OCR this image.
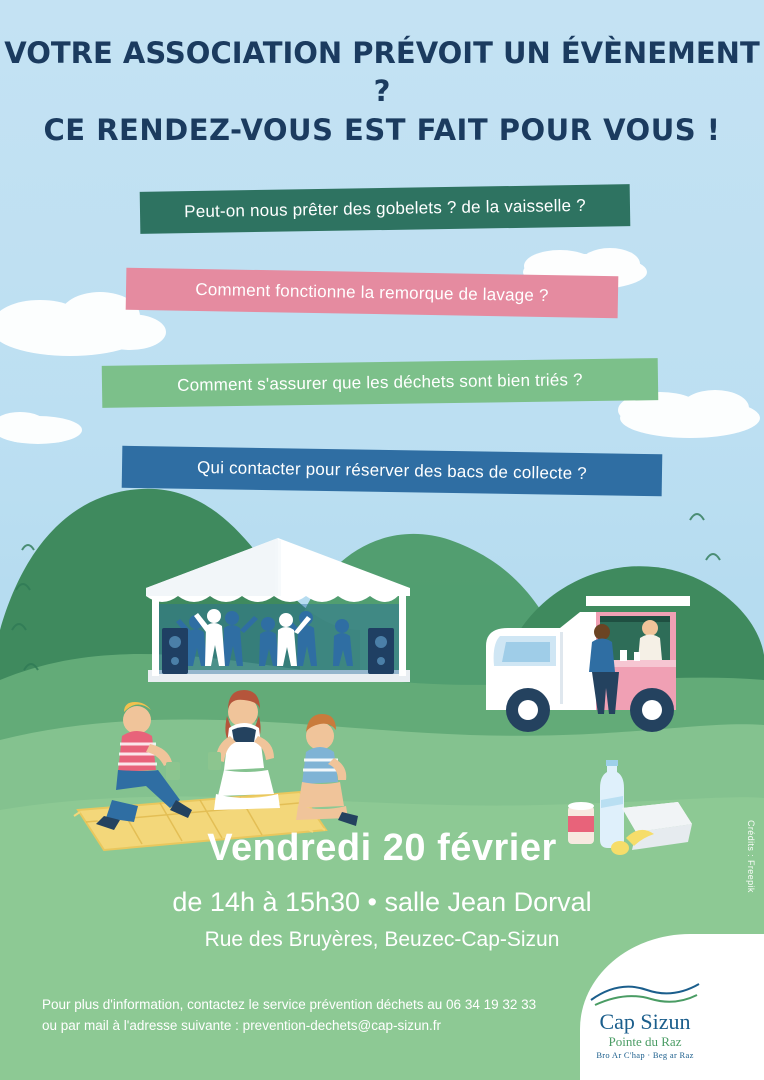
VOTRE ASSOCIATION PRÉVOIT UN ÉVÈNEMENT ?
CE RENDEZ-VOUS EST FAIT POUR VOUS !
Peut-on nous prêter des gobelets ? de la vaisselle ?
Comment fonctionne la remorque de lavage ?
Comment s'assurer que les déchets sont bien triés ?
Qui contacter pour réserver des bacs de collecte ?
Vendredi 20 février
de 14h à 15h30 • salle Jean Dorval
Rue des Bruyères, Beuzec-Cap-Sizun
Pour plus d'information, contactez le service prévention déchets au 06 34 19 32 33
ou par mail à l'adresse suivante : prevention-dechets@cap-sizun.fr
Crédits : Freepik
Cap Sizun
Pointe du Raz
Bro Ar C'hap · Beg ar Raz
